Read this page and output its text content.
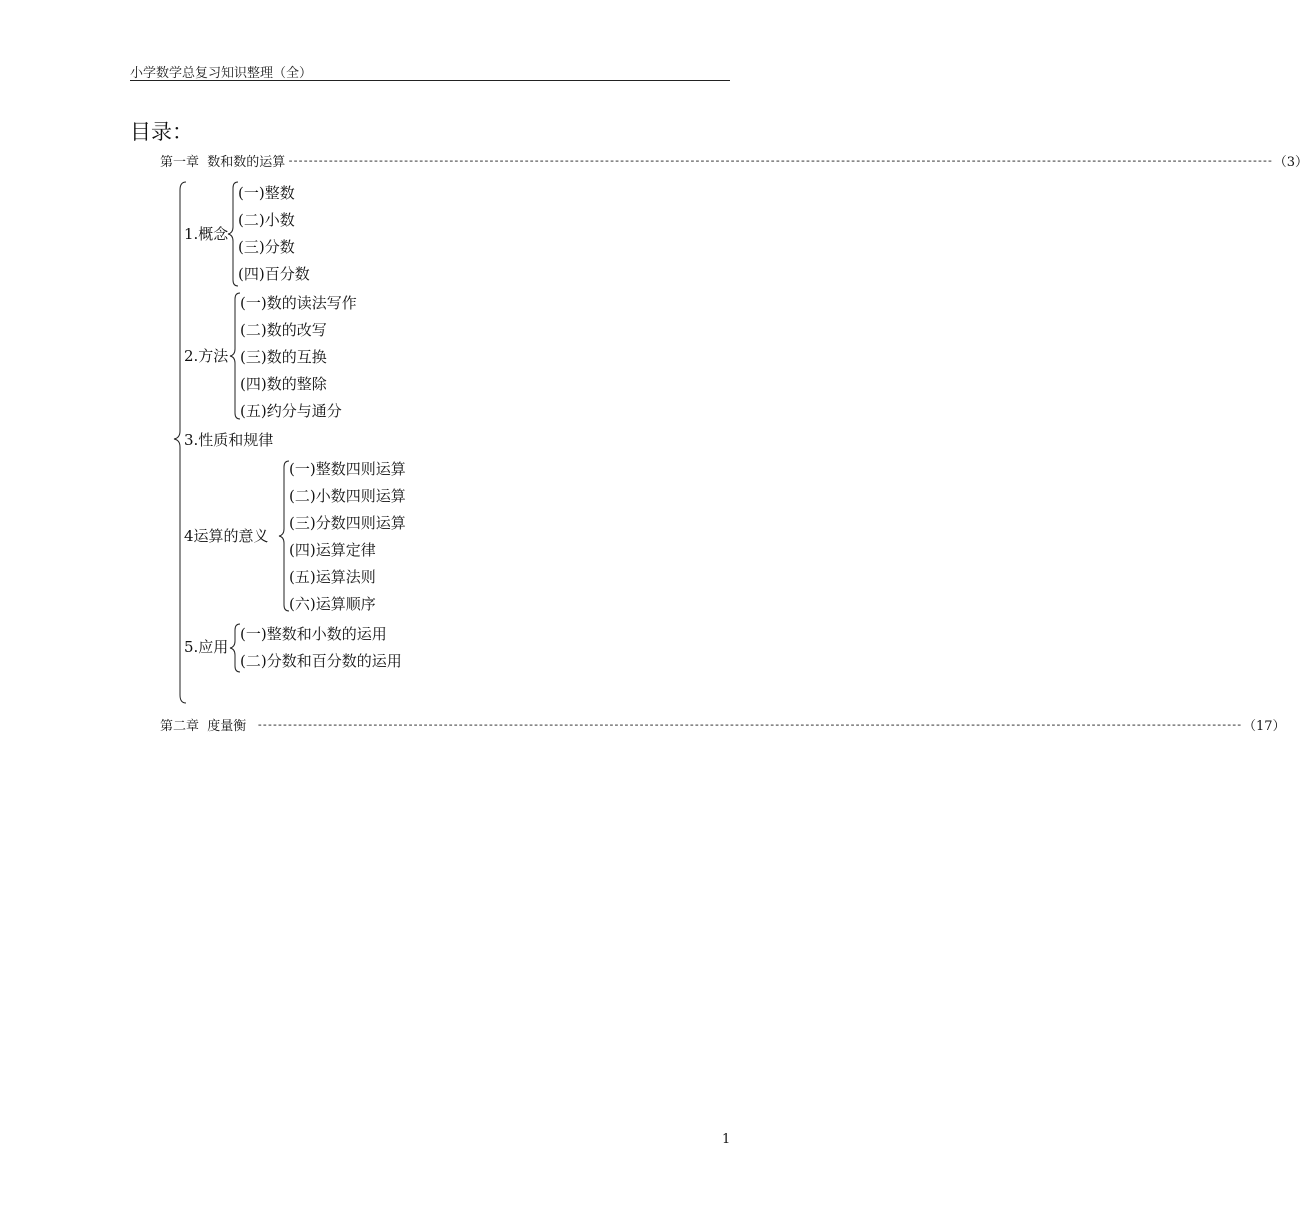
小学数学总复习知识整理（全）
目录：
第一章  数和数的运算 ---------------------------------------------------------------------------------------------------------------------------------------------------------------------------------------------------- （3）
1.概念
(一)整数
(二)小数
(三)分数
(四)百分数
2.方法
(一)数的读法写作
(二)数的改写
(三)数的互换
(四)数的整除
(五)约分与通分
3.性质和规律
4运算的意义
(一)整数四则运算
(二)小数四则运算
(三)分数四则运算
(四)运算定律
(五)运算法则
(六)运算顺序
5.应用
(一)整数和小数的运用
(二)分数和百分数的运用
第二章  度量衡 ---------------------------------------------------------------------------------------------------------------------------------------------------------------------------------------------------- （17）
1
